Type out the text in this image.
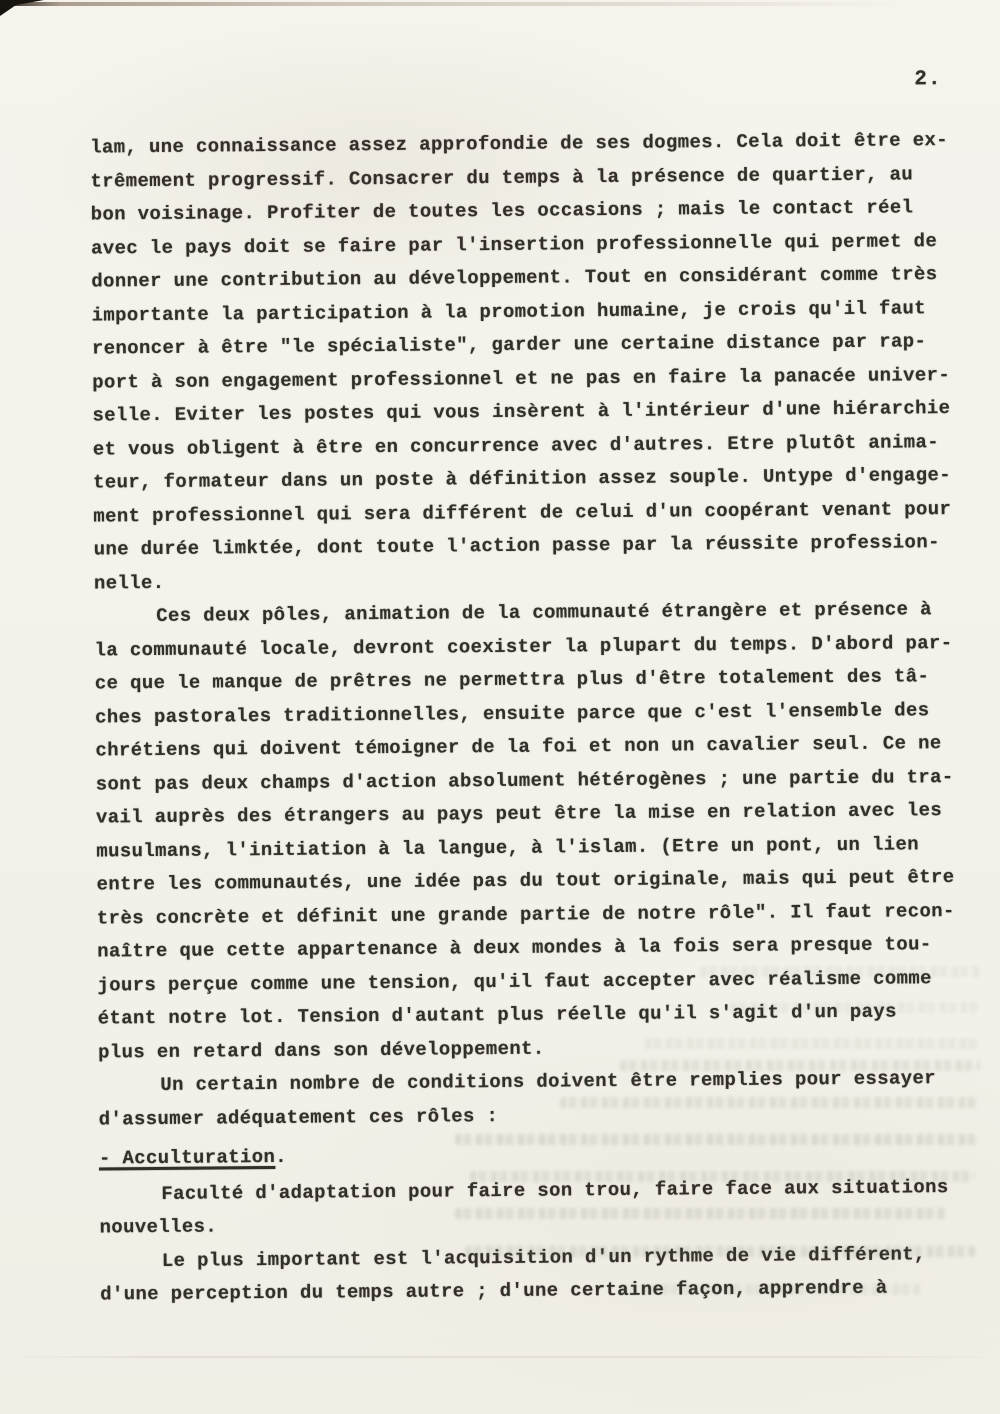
2.
lam, une connaissance assez approfondie de ses dogmes. Cela doit être ex-
trêmement progressif. Consacrer du temps à la présence de quartier, au
bon voisinage. Profiter de toutes les occasions ; mais le contact réel
avec le pays doit se faire par l'insertion professionnelle qui permet de
donner une contribution au développement. Tout en considérant comme très
importante la participation à la promotion humaine, je crois qu'il faut
renoncer à être "le spécialiste", garder une certaine distance par rap-
port à son engagement professionnel et ne pas en faire la panacée univer-
selle. Eviter les postes qui vous insèrent à l'intérieur d'une hiérarchie
et vous obligent à être en concurrence avec d'autres. Etre plutôt anima-
teur, formateur dans un poste à définition assez souple. Untype d'engage-
ment professionnel qui sera différent de celui d'un coopérant venant pour
une durée limktée, dont toute l'action passe par la réussite profession-
nelle.
Ces deux pôles, animation de la communauté étrangère et présence à
la communauté locale, devront coexister la plupart du temps. D'abord par-
ce que le manque de prêtres ne permettra plus d'être totalement des tâ-
ches pastorales traditionnelles, ensuite parce que c'est l'ensemble des
chrétiens qui doivent témoigner de la foi et non un cavalier seul. Ce ne
sont pas deux champs d'action absolument hétérogènes ; une partie du tra-
vail auprès des étrangers au pays peut être la mise en relation avec les
musulmans, l'initiation à la langue, à l'islam. (Etre un pont, un lien
entre les communautés, une idée pas du tout originale, mais qui peut être
très concrète et définit une grande partie de notre rôle". Il faut recon-
naître que cette appartenance à deux mondes à la fois sera presque tou-
jours perçue comme une tension, qu'il faut accepter avec réalisme comme
étant notre lot. Tension d'autant plus réelle qu'il s'agit d'un pays
plus en retard dans son développement.
Un certain nombre de conditions doivent être remplies pour essayer
d'assumer adéquatement ces rôles :
- Acculturation.
Faculté d'adaptation pour faire son trou, faire face aux situations
nouvelles.
Le plus important est l'acquisition d'un rythme de vie différent,
d'une perception du temps autre ; d'une certaine façon, apprendre à
